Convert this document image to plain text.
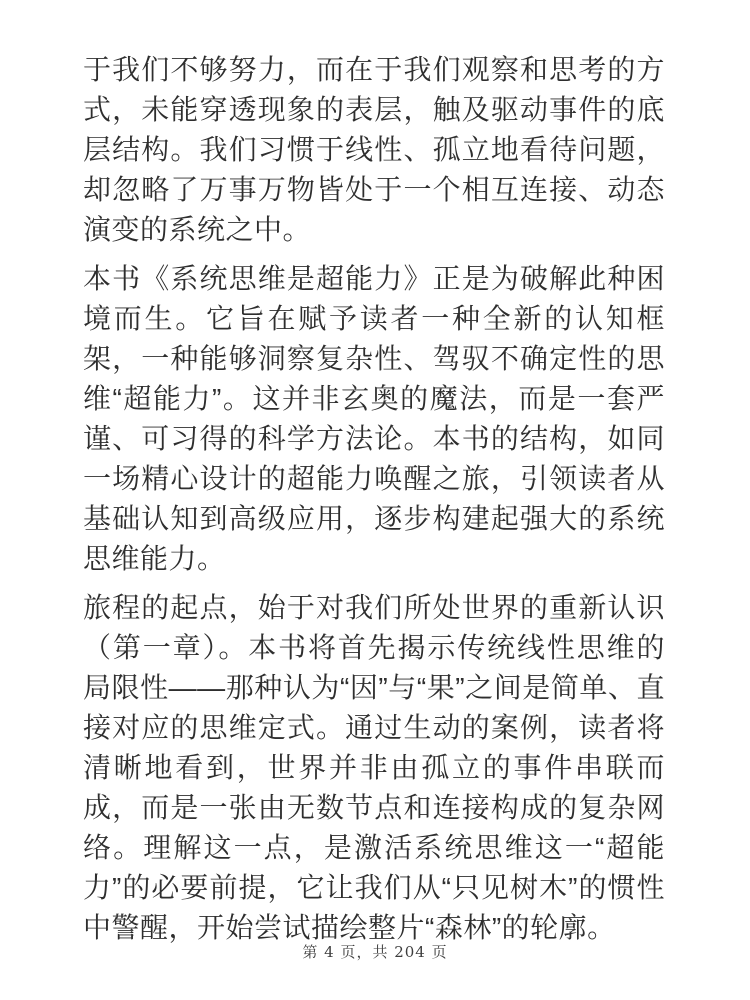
于我们不够努力，而在于我们观察和思考的方式，未能穿透现象的表层，触及驱动事件的底层结构。我们习惯于线性、孤立地看待问题，却忽略了万事万物皆处于一个相互连接、动态演变的系统之中。

本书《系统思维是超能力》正是为破解此种困境而生。它旨在赋予读者一种全新的认知框架，一种能够洞察复杂性、驾驭不确定性的思维“超能力”。这并非玄奥的魔法，而是一套严谨、可习得的科学方法论。本书的结构，如同一场精心设计的超能力唤醒之旅，引领读者从基础认知到高级应用，逐步构建起强大的系统思维能力。

旅程的起点，始于对我们所处世界的重新认识（第一章）。本书将首先揭示传统线性思维的局限性——那种认为“因”与“果”之间是简单、直接对应的思维定式。通过生动的案例，读者将清晰地看到，世界并非由孤立的事件串联而成，而是一张由无数节点和连接构成的复杂网络。理解这一点，是激活系统思维这一“超能力”的必要前提，它让我们从“只见树木”的惯性中警醒，开始尝试描绘整片“森林”的轮廓。

第 4 页，共 204 页
